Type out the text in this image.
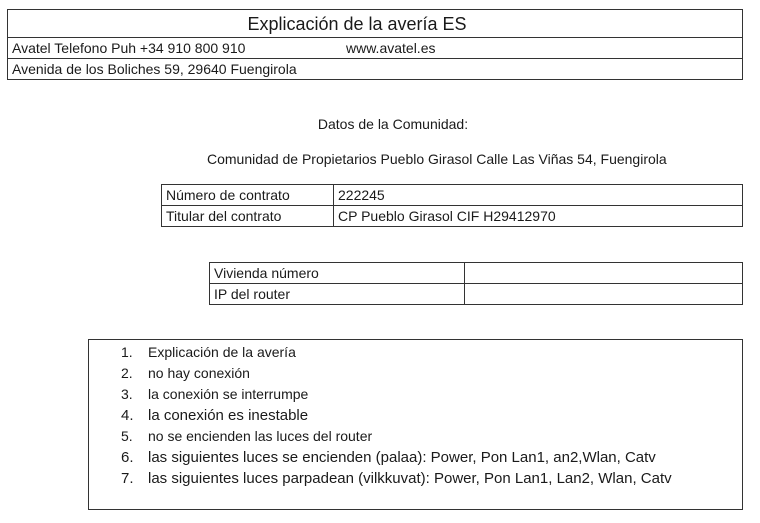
Explicación de la avería ES
Avatel Telefono Puh +34 910 800 910	www.avatel.es
Avenida de los Boliches 59, 29640 Fuengirola
Datos de la Comunidad:
Comunidad de Propietarios Pueblo Girasol Calle Las Viñas 54, Fuengirola
Número de contrato	222245
Titular del contrato	CP Pueblo Girasol CIF H29412970
Vivienda número	
IP del router	
1.	Explicación de la avería
2.	no hay conexión
3.	la conexión se interrumpe
4. la conexión es inestable
5.	no se encienden las luces del router
6. las siguientes luces se encienden (palaa): Power, Pon Lan1, an2,Wlan, Catv
7. las siguientes luces parpadean (vilkkuvat): Power, Pon Lan1, Lan2, Wlan, Catv
